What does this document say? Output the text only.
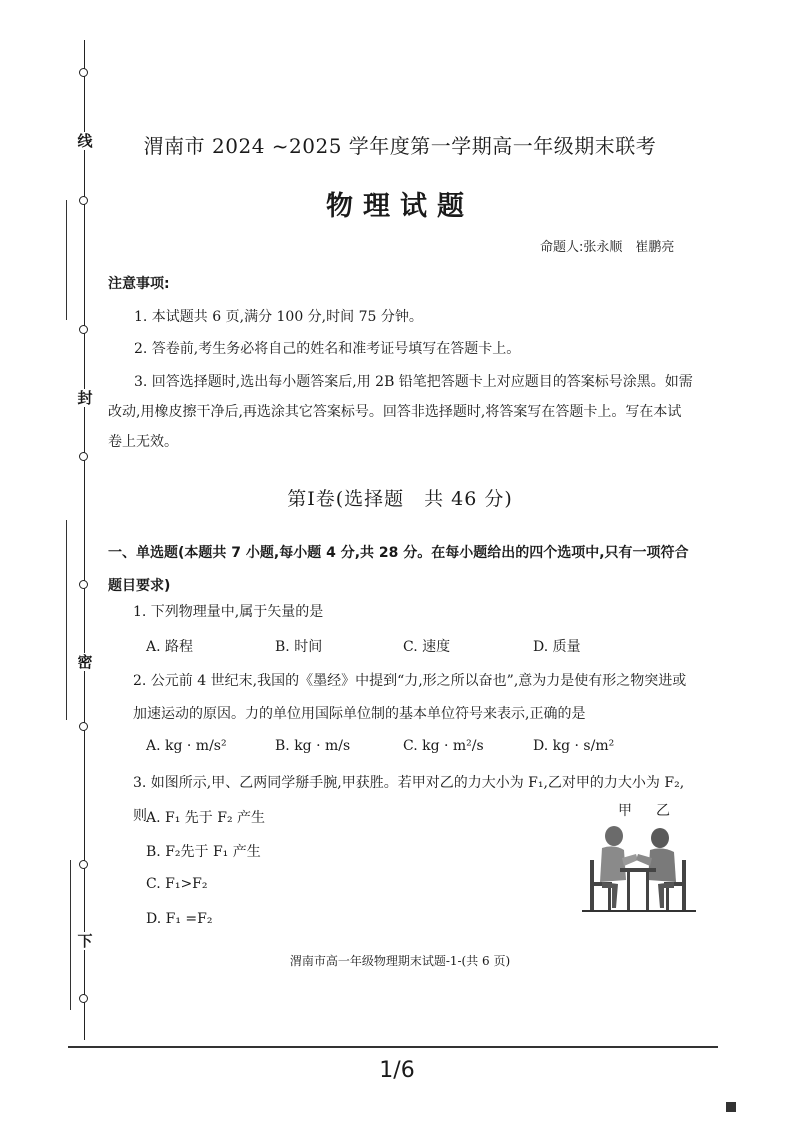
线
封
密
下
渭南市 2024 ~2025 学年度第一学期高一年级期末联考
物理试题
命题人:张永顺　崔鹏亮
注意事项:
1. 本试题共 6 页,满分 100 分,时间 75 分钟。
2. 答卷前,考生务必将自己的姓名和准考证号填写在答题卡上。
3. 回答选择题时,选出每小题答案后,用 2B 铅笔把答题卡上对应题目的答案标号涂黑。如需改动,用橡皮擦干净后,再选涂其它答案标号。回答非选择题时,将答案写在答题卡上。写在本试卷上无效。
第Ⅰ卷(选择题　共 46 分)
一、单选题(本题共 7 小题,每小题 4 分,共 28 分。在每小题给出的四个选项中,只有一项符合题目要求)
1. 下列物理量中,属于矢量的是
A. 路程	B. 时间	C. 速度	D. 质量
2. 公元前 4 世纪末,我国的《墨经》中提到“力,形之所以奋也”,意为力是使有形之物突进或加速运动的原因。力的单位用国际单位制的基本单位符号来表示,正确的是
A. kg · m/s²	B. kg · m/s	C. kg · m²/s	D. kg · s/m²
3. 如图所示,甲、乙两同学掰手腕,甲获胜。若甲对乙的力大小为 F₁,乙对甲的力大小为 F₂,则 A. F₁ 先于 F₂ 产生
B. F₂先于 F₁ 产生
C. F₁>F₂
D. F₁ =F₂
甲 乙
渭南市高一年级物理期末试题-1-(共 6 页)
1/6
